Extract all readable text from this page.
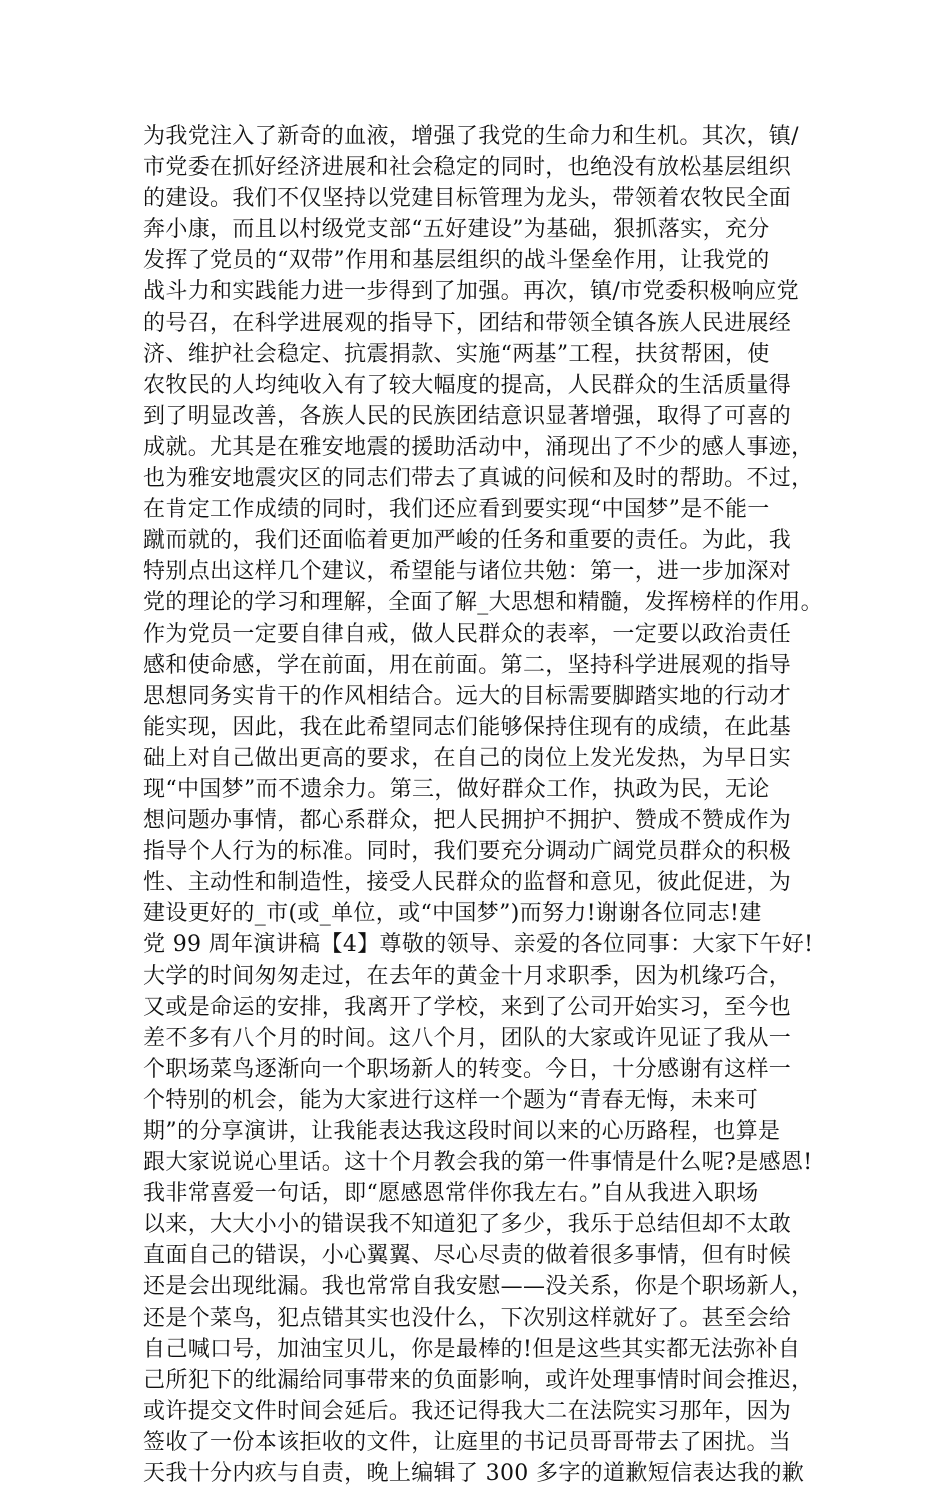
为我党注入了新奇的血液，增强了我党的生命力和生机。其次，镇/
市党委在抓好经济进展和社会稳定的同时，也绝没有放松基层组织
的建设。我们不仅坚持以党建目标管理为龙头，带领着农牧民全面
奔小康，而且以村级党支部“五好建设”为基础，狠抓落实，充分
发挥了党员的“双带”作用和基层组织的战斗堡垒作用，让我党的
战斗力和实践能力进一步得到了加强。再次，镇/市党委积极响应党
的号召，在科学进展观的指导下，团结和带领全镇各族人民进展经
济、维护社会稳定、抗震捐款、实施“两基”工程，扶贫帮困，使
农牧民的人均纯收入有了较大幅度的提高，人民群众的生活质量得
到了明显改善，各族人民的民族团结意识显著增强，取得了可喜的
成就。尤其是在雅安地震的援助活动中，涌现出了不少的感人事迹，
也为雅安地震灾区的同志们带去了真诚的问候和及时的帮助。不过，
在肯定工作成绩的同时，我们还应看到要实现“中国梦”是不能一
蹴而就的，我们还面临着更加严峻的任务和重要的责任。为此，我
特别点出这样几个建议，希望能与诸位共勉：第一，进一步加深对
党的理论的学习和理解，全面了解_大思想和精髓，发挥榜样的作用。
作为党员一定要自律自戒，做人民群众的表率，一定要以政治责任
感和使命感，学在前面，用在前面。第二，坚持科学进展观的指导
思想同务实肯干的作风相结合。远大的目标需要脚踏实地的行动才
能实现，因此，我在此希望同志们能够保持住现有的成绩，在此基
础上对自己做出更高的要求，在自己的岗位上发光发热，为早日实
现“中国梦”而不遗余力。第三，做好群众工作，执政为民，无论
想问题办事情，都心系群众，把人民拥护不拥护、赞成不赞成作为
指导个人行为的标准。同时，我们要充分调动广阔党员群众的积极
性、主动性和制造性，接受人民群众的监督和意见，彼此促进，为
建设更好的_市(或_单位，或“中国梦”)而努力!谢谢各位同志!建
党 99 周年演讲稿【4】尊敬的领导、亲爱的各位同事：大家下午好!
大学的时间匆匆走过，在去年的黄金十月求职季，因为机缘巧合，
又或是命运的安排，我离开了学校，来到了公司开始实习，至今也
差不多有八个月的时间。这八个月，团队的大家或许见证了我从一
个职场菜鸟逐渐向一个职场新人的转变。今日，十分感谢有这样一
个特别的机会，能为大家进行这样一个题为“青春无悔，未来可
期”的分享演讲，让我能表达我这段时间以来的心历路程，也算是
跟大家说说心里话。这十个月教会我的第一件事情是什么呢?是感恩!
我非常喜爱一句话，即“愿感恩常伴你我左右。”自从我进入职场
以来，大大小小的错误我不知道犯了多少，我乐于总结但却不太敢
直面自己的错误，小心翼翼、尽心尽责的做着很多事情，但有时候
还是会出现纰漏。我也常常自我安慰——没关系，你是个职场新人，
还是个菜鸟，犯点错其实也没什么，下次别这样就好了。甚至会给
自己喊口号，加油宝贝儿，你是最棒的!但是这些其实都无法弥补自
己所犯下的纰漏给同事带来的负面影响，或许处理事情时间会推迟，
或许提交文件时间会延后。我还记得我大二在法院实习那年，因为
签收了一份本该拒收的文件，让庭里的书记员哥哥带去了困扰。当
天我十分内疚与自责，晚上编辑了 300 多字的道歉短信表达我的歉
